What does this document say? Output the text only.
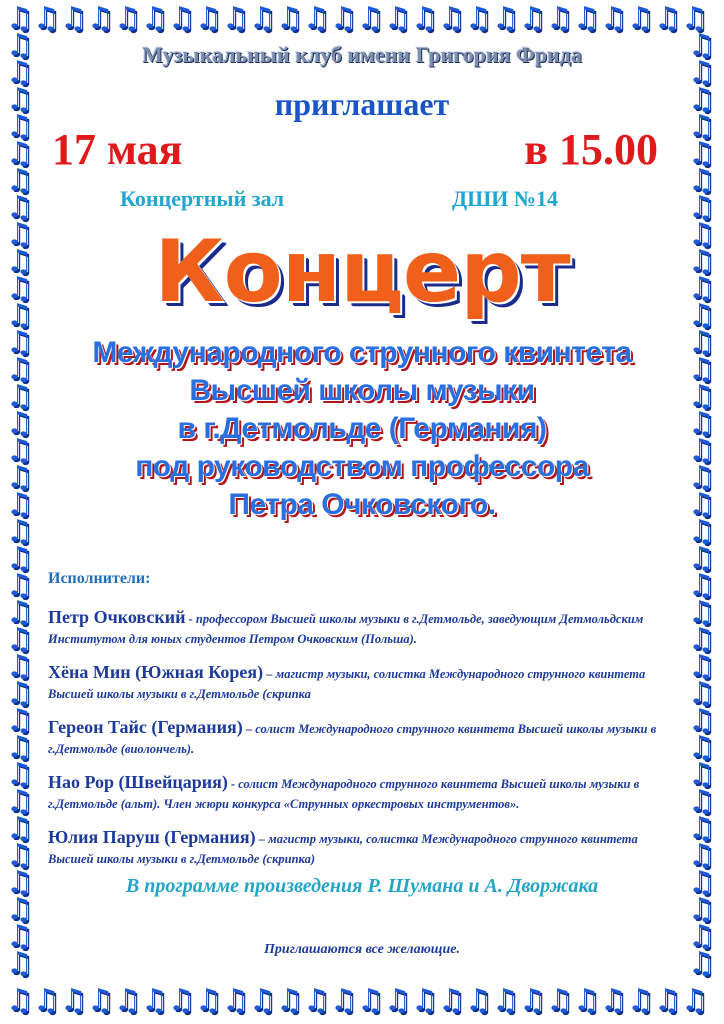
♫
♫
♫
♫
♫
♫
♫
♫
♫
♫
♫
♫
♫
♫
♫
♫
♫
♫
♫
♫
♫
♫
♫
♫
♫
♫
♫
♫
♫
♫
♫
♫
♫
♫
♫
♫
♫
♫
♫
♫
♫
♫
♫
♫
♫
♫
♫
♫
♫
♫
♫
♫
♫	♫
♫	♫
♫	♫
♫	♫
♫	♫
♫	♫
♫	♫
♫	♫
♫	♫
♫	♫
♫	♫
♫	♫
♫	♫
♫	♫
♫	♫
♫	♫
♫	♫
♫	♫
♫	♫
♫	♫
♫	♫
♫	♫
♫	♫
♫	♫
♫	♫
♫	♫
♫	♫
♫	♫
♫	♫
♫	♫
♫	♫
♫	♫
♫	♫
♫	♫
♫	♫
Музыкальный клуб имени Григория Фрида
приглашает
17 мая	в 15.00
Концертный зал	ДШИ №14
Концерт
Международного струнного квинтета
Высшей школы музыки
в г.Детмольде (Германия)
под руководством профессора
Петра Очковского.
Исполнители:
Петр Очковский - профессором Высшей школы музыки в г.Детмольде, заведующим Детмольдским Институтом для юных студентов Петром Очковским (Польша).
Хёна Мин (Южная Корея) – магистр музыки, солистка Международного струнного квинтета Высшей школы музыки в г.Детмольде (скрипка
Гереон Тайс (Германия) – солист Международного струнного квинтета Высшей школы музыки в г.Детмольде (виолончель).
Нао Рор (Швейцария) - солист Международного струнного квинтета Высшей школы музыки в г.Детмольде (альт). Член жюри конкурса «Струнных оркестровых инструментов».
Юлия Паруш (Германия) – магистр музыки, солистка Международного струнного квинтета Высшей школы музыки в г.Детмольде (скрипка)
В программе произведения Р. Шумана и А. Дворжака
Приглашаются все желающие.
